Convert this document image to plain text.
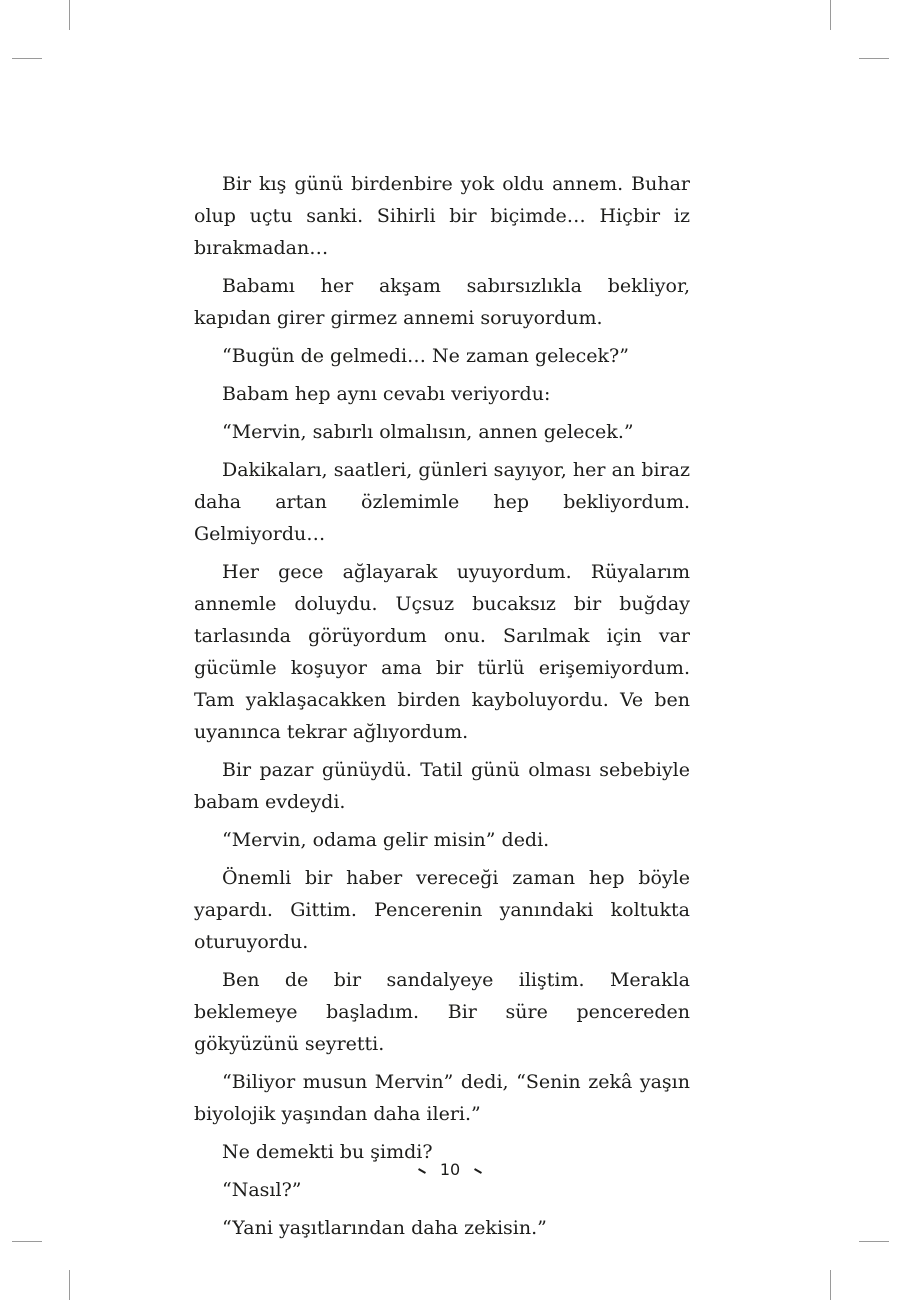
Bir kış günü birdenbire yok oldu annem. Buhar olup uçtu sanki. Sihirli bir biçimde… Hiçbir iz bırakmadan…

Babamı her akşam sabırsızlıkla bekliyor, kapıdan girer girmez annemi soruyordum.

“Bugün de gelmedi… Ne zaman gelecek?”

Babam hep aynı cevabı veriyordu:

“Mervin, sabırlı olmalısın, annen gelecek.”

Dakikaları, saatleri, günleri sayıyor, her an biraz daha artan özlemimle hep bekliyordum. Gelmiyordu…

Her gece ağlayarak uyuyordum. Rüyalarım annemle doluydu. Uçsuz bucaksız bir buğday tarlasında görüyordum onu. Sarılmak için var gücümle koşuyor ama bir türlü erişemiyordum. Tam yaklaşacakken birden kayboluyordu. Ve ben uyanınca tekrar ağlıyordum.

Bir pazar günüydü. Tatil günü olması sebebiyle babam evdeydi.

“Mervin, odama gelir misin” dedi.

Önemli bir haber vereceği zaman hep böyle yapardı. Gittim. Pencerenin yanındaki koltukta oturuyordu.

Ben de bir sandalyeye iliştim. Merakla beklemeye başladım. Bir süre pencereden gökyüzünü seyretti.

“Biliyor musun Mervin” dedi, “Senin zekâ yaşın biyolojik yaşından daha ileri.”

Ne demekti bu şimdi?

“Nasıl?”

“Yani yaşıtlarından daha zekisin.”

10
